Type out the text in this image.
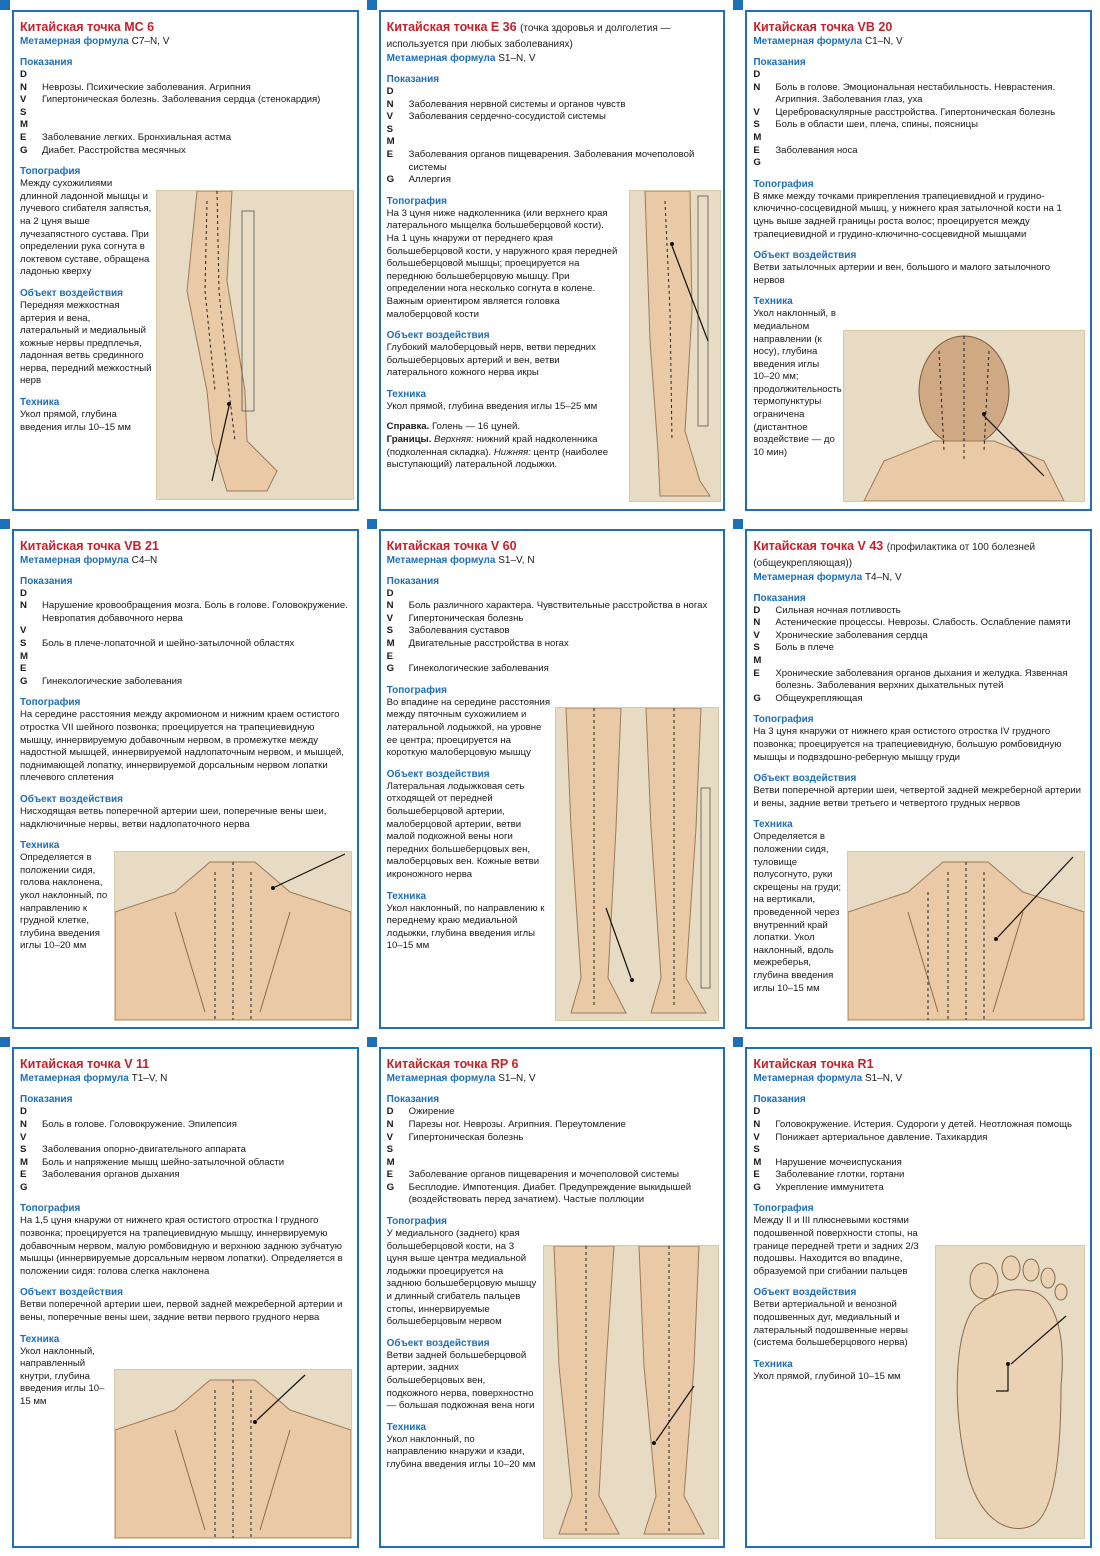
Китайская точка МС 6
Метамерная формула С7–N, V
Показания
D
N	Неврозы. Психические заболевания. Агрипния
V	Гипертоническая болезнь. Заболевания сердца (стенокардия)
S
M
E	Заболевание легких. Бронхиальная астма
G	Диабет. Расстройства месячных
Топография
Между сухожилиями длинной ладонной мышцы и лучевого сгибателя запястья, на 2 цуня выше лучезапястного сустава. При определении рука согнута в локтевом суставе, обращена ладонью кверху
Объект воздействия
Передняя межкостная артерия и вена, латеральный и медиальный кожные нервы предплечья, ладонная ветвь срединного нерва, передний межкостный нерв
Техника
Укол прямой, глубина введения иглы 10–15 мм
Китайская точка Е 36 (точка здоровья и долголетия — используется при любых заболеваниях)
Метамерная формула S1–N, V
Показания
D
N	Заболевания нервной системы и органов чувств
V	Заболевания сердечно-сосудистой системы
S
M
E	Заболевания органов пищеварения. Заболевания мочеполовой системы
G	Аллергия
Топография
На 3 цуня ниже надколенника (или верхнего края латерального мыщелка большеберцовой кости). На 1 цунь кнаружи от переднего края большеберцовой кости, у наружного края передней большеберцовой мышцы; проецируется на переднюю большеберцовую мышцу. При определении нога несколько согнута в колене. Важным ориентиром является головка малоберцовой кости
Объект воздействия
Глубокий малоберцовый нерв, ветви передних большеберцовых артерий и вен, ветви латерального кожного нерва икры
Техника
Укол прямой, глубина введения иглы 15–25 мм
Справка. Голень — 16 цуней.
Границы. Верхняя: нижний край надколенника (подколенная складка). Нижняя: центр (наиболее выступающий) латеральной лодыжки.
Китайская точка VB 20
Метамерная формула С1–N, V
Показания
D
N	Боль в голове. Эмоциональная нестабильность. Неврастения. Агрипния. Заболевания глаз, уха
V	Цереброваскулярные расстройства. Гипертоническая болезнь
S	Боль в области шеи, плеча, спины, поясницы
M
E	Заболевания носа
G
Топография
В ямке между точками прикрепления трапециевидной и грудино-ключично-сосцевидной мышц, у нижнего края затылочной кости на 1 цунь выше задней границы роста волос; проецируется между трапециевидной и грудино-ключично-сосцевидной мышцами
Объект воздействия
Ветви затылочных артерии и вен, большого и малого затылочного нервов
Техника
Укол наклонный, в медиальном направлении (к носу), глубина введения иглы 10–20 мм; продолжительность термопунктуры ограничена (дистантное воздействие — до 10 мин)
Китайская точка VB 21
Метамерная формула С4–N
Показания
D
N	Нарушение кровообращения мозга. Боль в голове. Головокружение. Невропатия добавочного нерва
V
S	Боль в плече-лопаточной и шейно-затылочной областях
M
E
G	Гинекологические заболевания
Топография
На середине расстояния между акромионом и нижним краем остистого отростка VII шейного позвонка; проецируется на трапециевидную мышцу, иннервируемую добавочным нервом, в промежутке между надостной мышцей, иннервируемой надлопаточным нервом, и мышцей, поднимающей лопатку, иннервируемой дорсальным нервом лопатки плечевого сплетения
Объект воздействия
Нисходящая ветвь поперечной артерии шеи, поперечные вены шеи, надключичные нервы, ветви надлопаточного нерва
Техника
Определяется в положении сидя, голова наклонена, укол наклонный, по направлению к грудной клетке, глубина введения иглы 10–20 мм
Китайская точка V 60
Метамерная формула S1–V, N
Показания
D
N	Боль различного характера. Чувствительные расстройства в ногах
V	Гипертоническая болезнь
S	Заболевания суставов
M	Двигательные расстройства в ногах
E
G	Гинекологические заболевания
Топография
Во впадине на середине расстояния между пяточным сухожилием и латеральной лодыжкой, на уровне ее центра; проецируется на короткую малоберцовую мышцу
Объект воздействия
Латеральная лодыжковая сеть отходящей от передней большеберцовой артерии, малоберцовой артерии, ветви малой подкожной вены ноги передних большеберцовых вен, малоберцовых вен. Кожные ветви икроножного нерва
Техника
Укол наклонный, по направлению к переднему краю медиальной лодыжки, глубина введения иглы 10–15 мм
Китайская точка V 43 (профилактика от 100 болезней (общеукрепляющая))
Метамерная формула Т4–N, V
Показания
D	Сильная ночная потливость
N	Астенические процессы. Неврозы. Слабость. Ослабление памяти
V	Хронические заболевания сердца
S	Боль в плече
M
E	Хронические заболевания органов дыхания и желудка. Язвенная болезнь. Заболевания верхних дыхательных путей
G	Общеукрепляющая
Топография
На 3 цуня кнаружи от нижнего края остистого отростка IV грудного позвонка; проецируется на трапециевидную, большую ромбовидную мышцы и подвздошно-реберную мышцу груди
Объект воздействия
Ветви поперечной артерии шеи, четвертой задней межреберной артерии и вены, задние ветви третьего и четвертого грудных нервов
Техника
Определяется в положении сидя, туловище полусогнуто, руки скрещены на груди; на вертикали, проведенной через внутренний край лопатки. Укол наклонный, вдоль межреберья, глубина введения иглы 10–15 мм
Китайская точка V 11
Метамерная формула Т1–V, N
Показания
D
N	Боль в голове. Головокружение. Эпилепсия
V
S	Заболевания опорно-двигательного аппарата
M	Боль и напряжение мышц шейно-затылочной области
E	Заболевания органов дыхания
G
Топография
На 1,5 цуня кнаружи от нижнего края остистого отростка I грудного позвонка; проецируется на трапециевидную мышцу, иннервируемую добавочным нервом, малую ромбовидную и верхнюю заднюю зубчатую мышцы (иннервируемые дорсальным нервом лопатки). Определяется в положении сидя: голова слегка наклонена
Объект воздействия
Ветви поперечной артерии шеи, первой задней межреберной артерии и вены, поперечные вены шеи, задние ветви первого грудного нерва
Техника
Укол наклонный, направленный кнутри, глубина введения иглы 10–15 мм
Китайская точка RP 6
Метамерная формула S1–N, V
Показания
D	Ожирение
N	Парезы ног. Неврозы. Агрипния. Переутомление
V	Гипертоническая болезнь
S
M
E	Заболевание органов пищеварения и мочеполовой системы
G	Бесплодие. Импотенция. Диабет. Предупреждение выкидышей (воздействовать перед зачатием). Частые поллюции
Топография
У медиального (заднего) края большеберцовой кости, на 3 цуня выше центра медиальной лодыжки проецируется на заднюю большеберцовую мышцу и длинный сгибатель пальцев стопы, иннервируемые большеберцовым нервом
Объект воздействия
Ветви задней большеберцовой артерии, задних большеберцовых вен, подкожного нерва, поверхностно — большая подкожная вена ноги
Техника
Укол наклонный, по направлению кнаружи и кзади, глубина введения иглы 10–20 мм
Китайская точка R1
Метамерная формула S1–N, V
Показания
D
N	Головокружение. Истерия. Судороги у детей. Неотложная помощь
V	Понижает артериальное давление. Тахикардия
S
M	Нарушение мочеиспускания
E	Заболевание глотки, гортани
G	Укрепление иммунитета
Топография
Между II и III плюсневыми костями подошвенной поверхности стопы, на границе передней трети и задних 2/3 подошвы. Находится во впадине, образуемой при сгибании пальцев
Объект воздействия
Ветви артериальной и венозной подошвенных дуг, медиальный и латеральный подошвенные нервы (система большеберцового нерва)
Техника
Укол прямой, глубиной 10–15 мм
